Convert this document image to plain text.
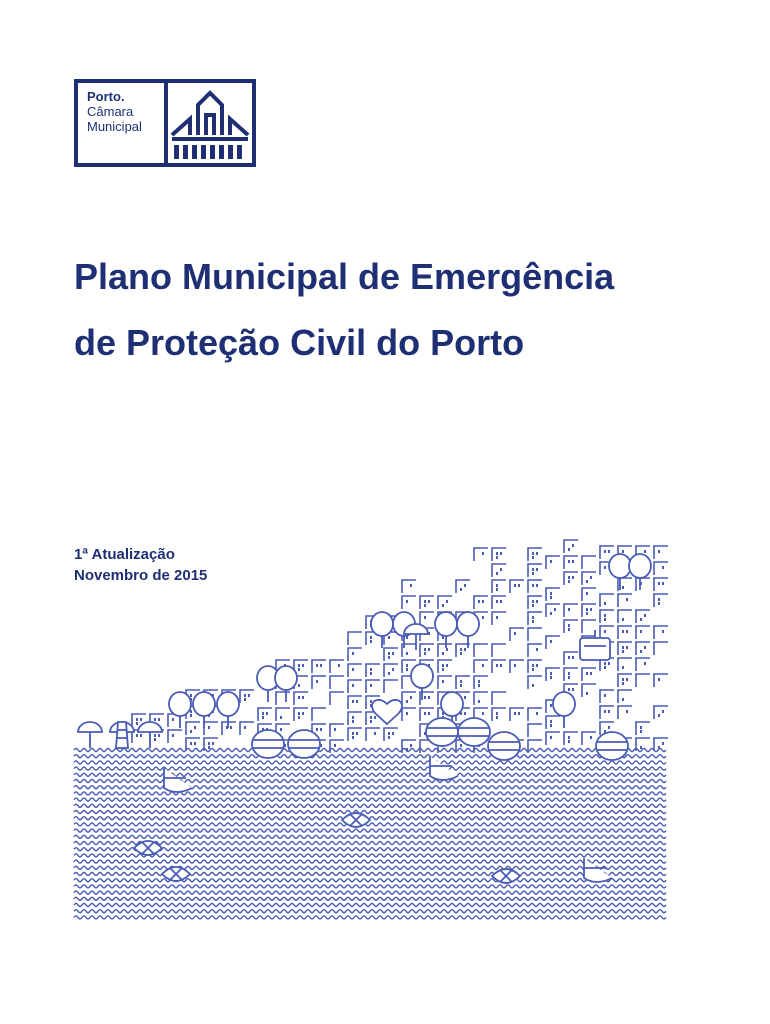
Porto.
Câmara
Municipal
Plano Municipal de Emergência
de Proteção Civil do Porto
1ª Atualização
Novembro de 2015
